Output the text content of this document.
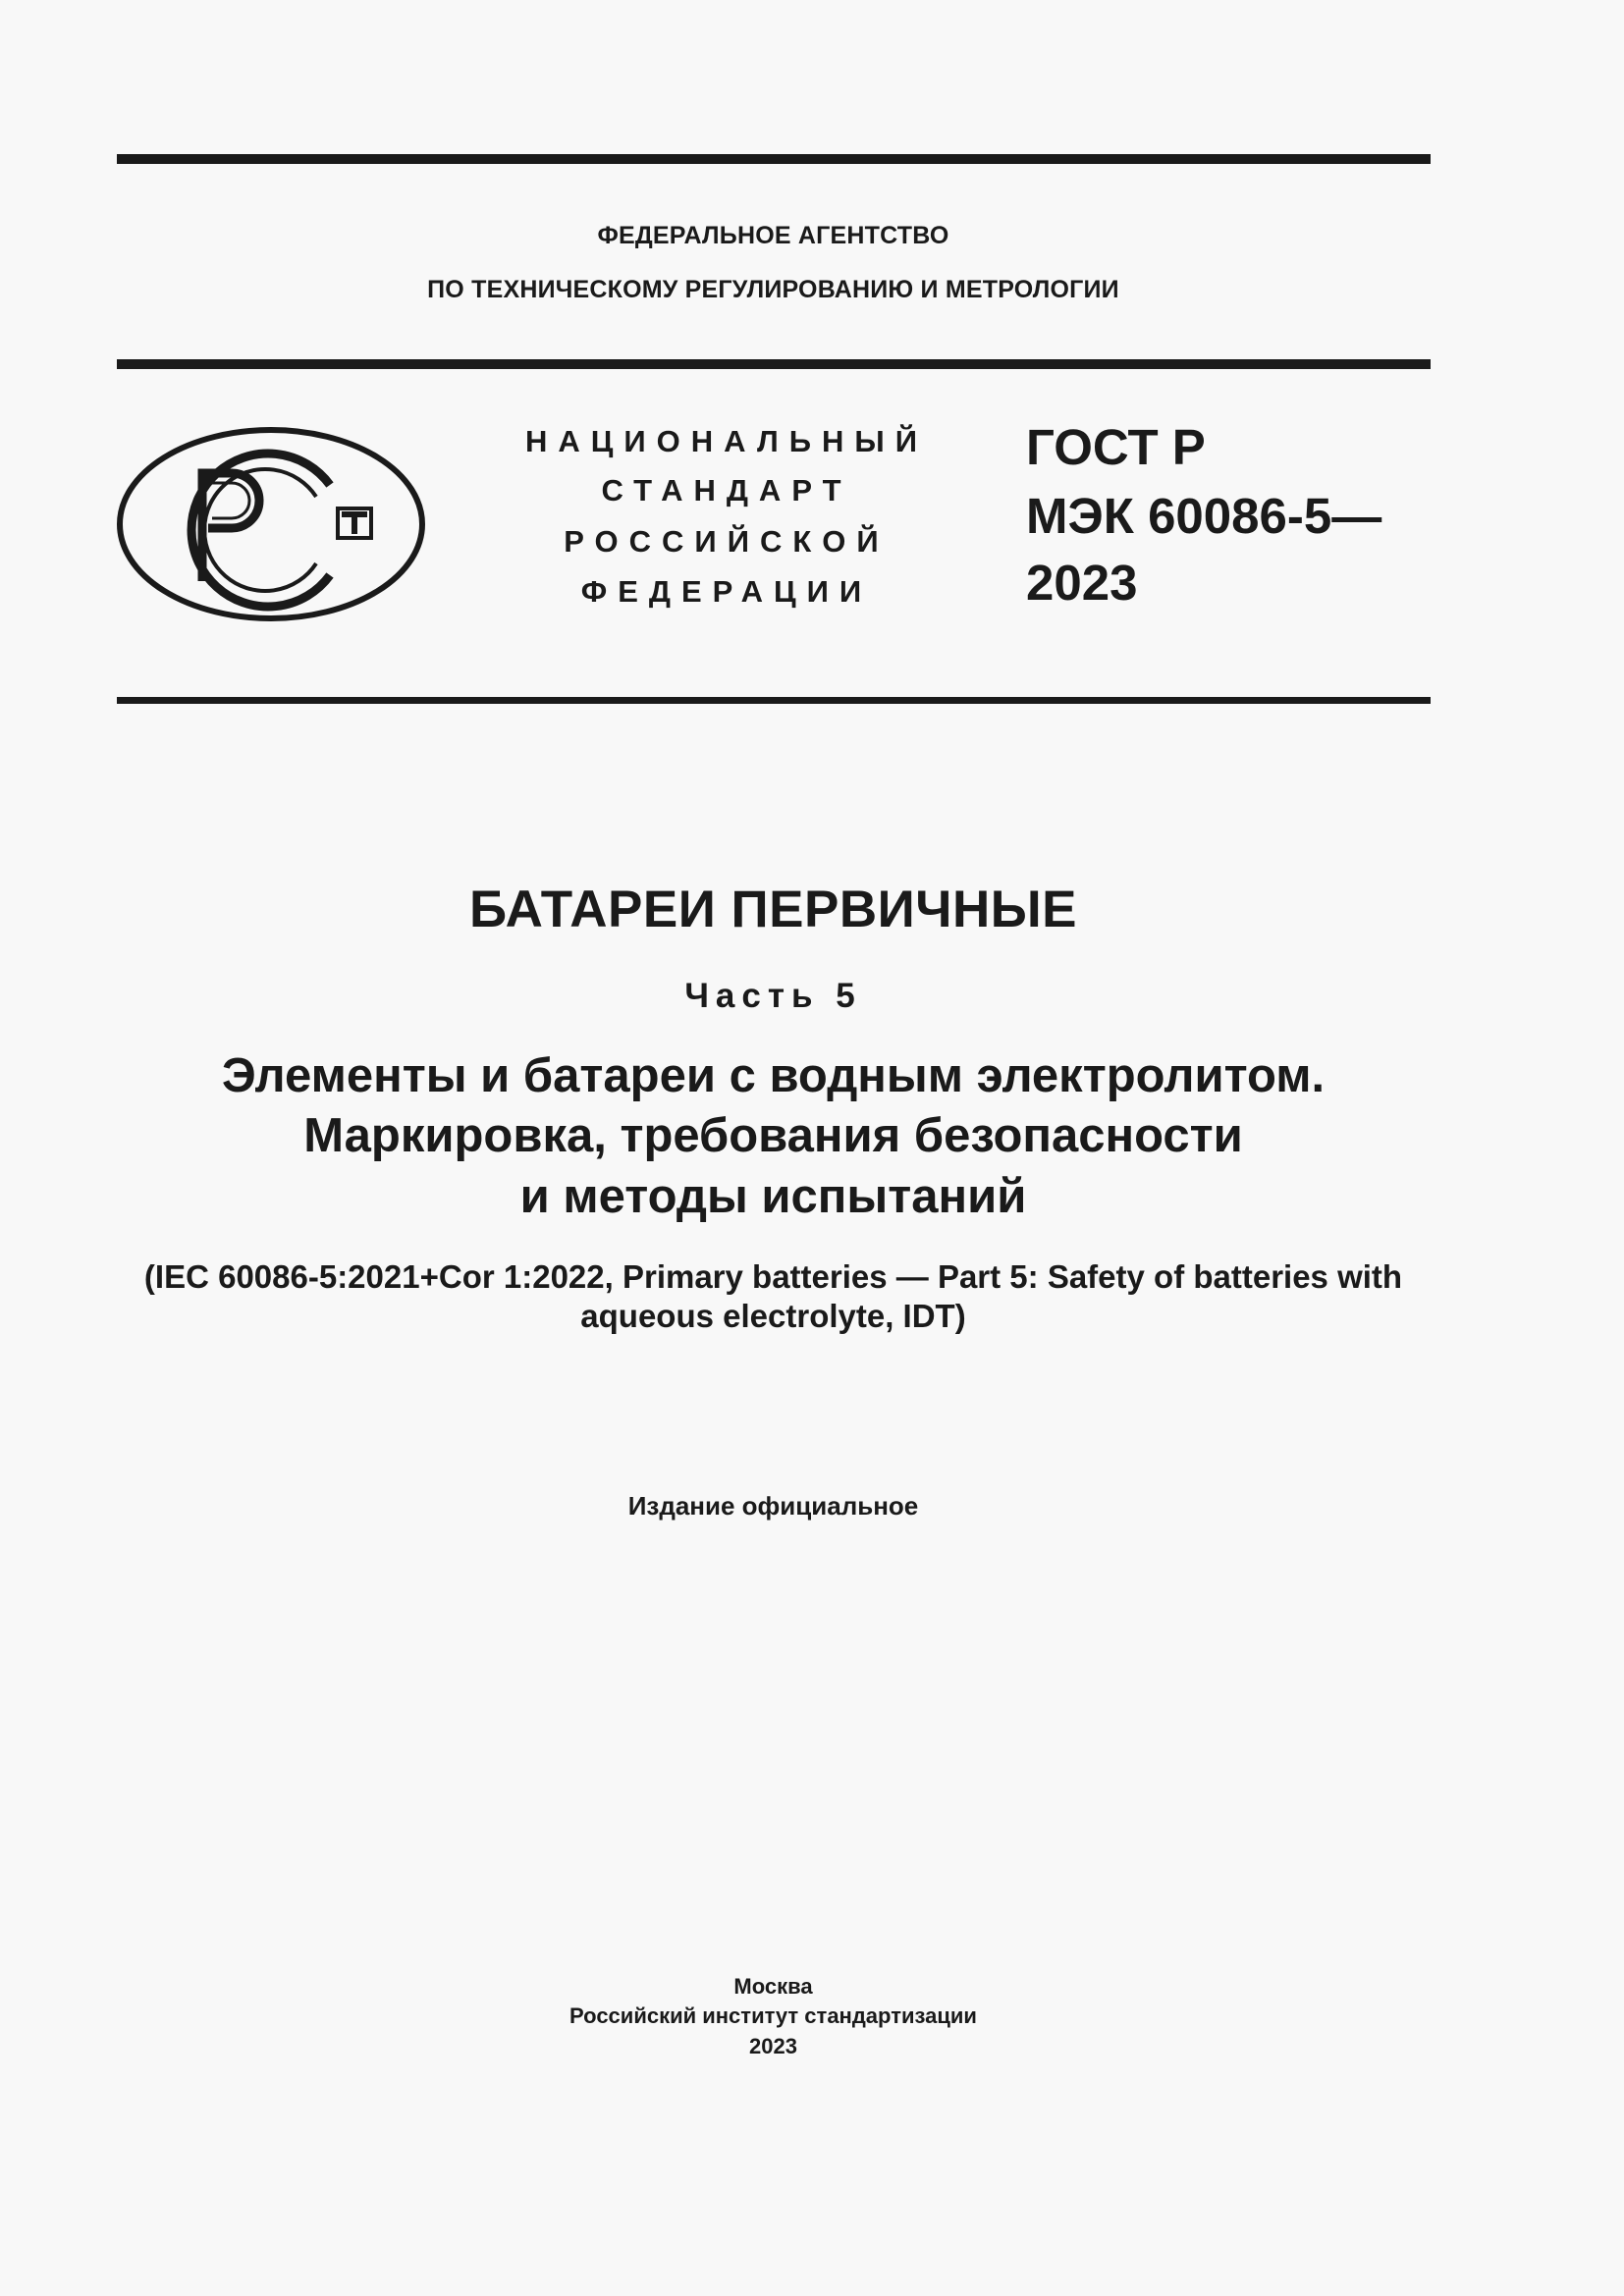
ФЕДЕРАЛЬНОЕ АГЕНТСТВО
ПО ТЕХНИЧЕСКОМУ РЕГУЛИРОВАНИЮ И МЕТРОЛОГИИ
НАЦИОНАЛЬНЫЙ
СТАНДАРТ
РОССИЙСКОЙ
ФЕДЕРАЦИИ
ГОСТ Р
МЭК 60086-5—
2023
БАТАРЕИ ПЕРВИЧНЫЕ
Часть 5
Элементы и батареи с водным электролитом.
Маркировка, требования безопасности
и методы испытаний
(IEC 60086-5:2021+Cor 1:2022, Primary batteries — Part 5: Safety of batteries with
aqueous electrolyte, IDT)
Издание официальное
Москва
Российский институт стандартизации
2023
